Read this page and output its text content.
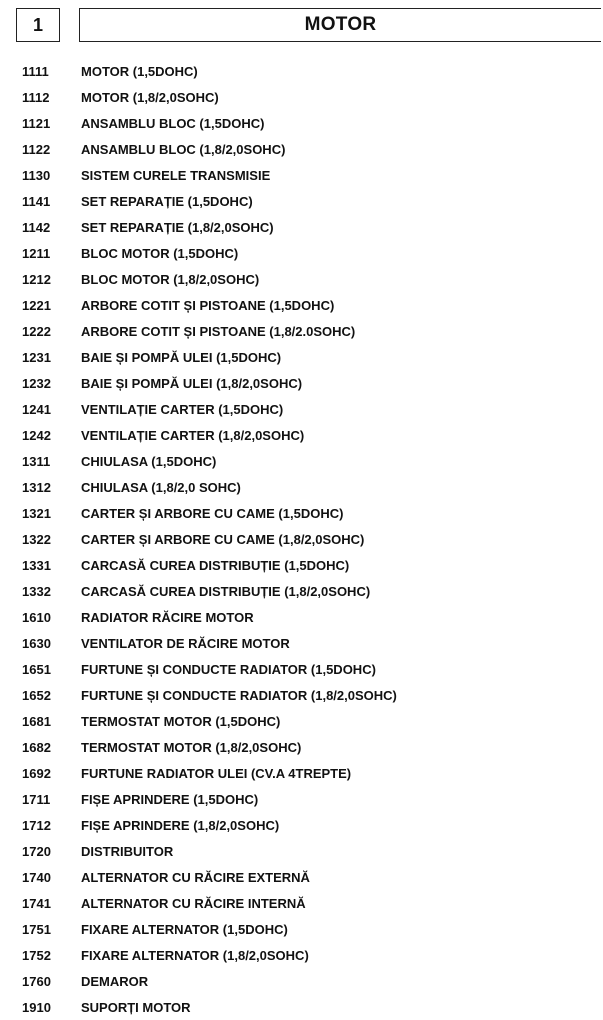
1	MOTOR
1111	MOTOR (1,5DOHC)
1112	MOTOR (1,8/2,0SOHC)
1121	ANSAMBLU BLOC (1,5DOHC)
1122	ANSAMBLU BLOC (1,8/2,0SOHC)
1130	SISTEM CURELE TRANSMISIE
1141	SET REPARAȚIE (1,5DOHC)
1142	SET REPARAȚIE (1,8/2,0SOHC)
1211	BLOC MOTOR (1,5DOHC)
1212	BLOC MOTOR (1,8/2,0SOHC)
1221	ARBORE COTIT ȘI PISTOANE (1,5DOHC)
1222	ARBORE COTIT ȘI PISTOANE (1,8/2.0SOHC)
1231	BAIE ȘI POMPĂ ULEI (1,5DOHC)
1232	BAIE ȘI POMPĂ ULEI (1,8/2,0SOHC)
1241	VENTILAȚIE CARTER (1,5DOHC)
1242	VENTILAȚIE CARTER (1,8/2,0SOHC)
1311	CHIULASA (1,5DOHC)
1312	CHIULASA (1,8/2,0 SOHC)
1321	CARTER ȘI ARBORE CU CAME (1,5DOHC)
1322	CARTER ȘI ARBORE CU CAME (1,8/2,0SOHC)
1331	CARCASĂ CUREA DISTRIBUȚIE (1,5DOHC)
1332	CARCASĂ CUREA DISTRIBUȚIE (1,8/2,0SOHC)
1610	RADIATOR RĂCIRE MOTOR
1630	VENTILATOR DE RĂCIRE MOTOR
1651	FURTUNE ȘI CONDUCTE RADIATOR (1,5DOHC)
1652	FURTUNE ȘI CONDUCTE RADIATOR (1,8/2,0SOHC)
1681	TERMOSTAT MOTOR (1,5DOHC)
1682	TERMOSTAT MOTOR (1,8/2,0SOHC)
1692	FURTUNE RADIATOR ULEI (CV.A 4TREPTE)
1711	FIȘE APRINDERE (1,5DOHC)
1712	FIȘE APRINDERE (1,8/2,0SOHC)
1720	DISTRIBUITOR
1740	ALTERNATOR CU RĂCIRE EXTERNĂ
1741	ALTERNATOR CU RĂCIRE INTERNĂ
1751	FIXARE ALTERNATOR (1,5DOHC)
1752	FIXARE ALTERNATOR (1,8/2,0SOHC)
1760	DEMAROR
1910	SUPORȚI MOTOR
